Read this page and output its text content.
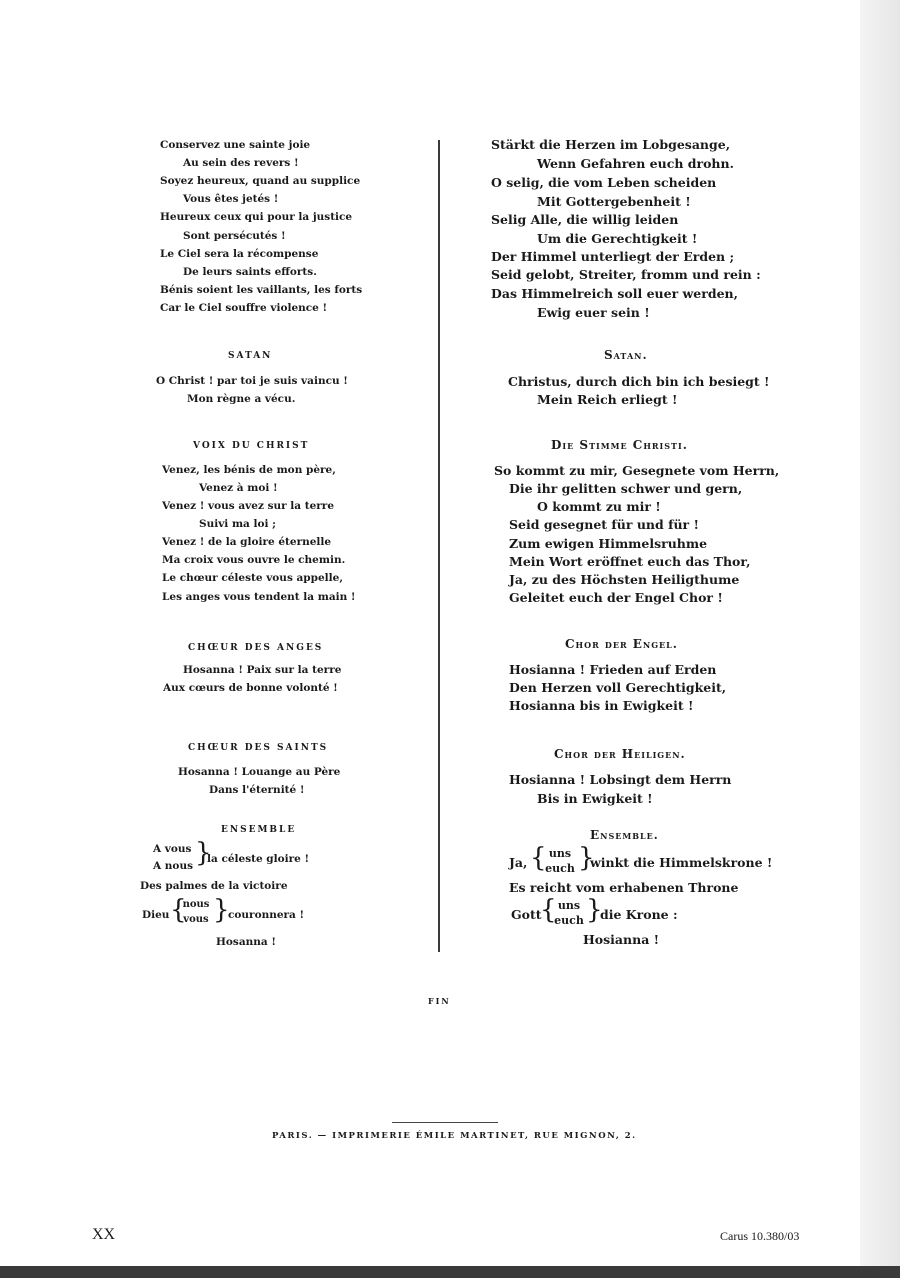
Conservez une sainte joie
Au sein des revers !
Soyez heureux, quand au supplice
Vous êtes jetés !
Heureux ceux qui pour la justice
Sont persécutés !
Le Ciel sera la récompense
De leurs saints efforts.
Bénis soient les vaillants, les forts
Car le Ciel souffre violence !
SATAN
O Christ ! par toi je suis vaincu !
Mon règne a vécu.
VOIX DU CHRIST
Venez, les bénis de mon père,
Venez à moi !
Venez ! vous avez sur la terre
Suivi ma loi ;
Venez ! de la gloire éternelle
Ma croix vous ouvre le chemin.
Le chœur céleste vous appelle,
Les anges vous tendent la main !
CHŒUR DES ANGES
Hosanna ! Paix sur la terre
Aux cœurs de bonne volonté !
CHŒUR DES SAINTS
Hosanna ! Louange au Père
Dans l'éternité !
ENSEMBLE
A vous
A nous }
la céleste gloire !
Des palmes de la victoire
Dieu {
nous
vous }
couronnera !
Hosanna !
Stärkt die Herzen im Lobgesange,
Wenn Gefahren euch drohn.
O selig, die vom Leben scheiden
Mit Gottergebenheit !
Selig Alle, die willig leiden
Um die Gerechtigkeit !
Der Himmel unterliegt der Erden ;
Seid gelobt, Streiter, fromm und rein :
Das Himmelreich soll euer werden,
Ewig euer sein !
Satan.
Christus, durch dich bin ich besiegt !
Mein Reich erliegt !
Die Stimme Christi.
So kommt zu mir, Gesegnete vom Herrn,
Die ihr gelitten schwer und gern,
O kommt zu mir !
Seid gesegnet für und für !
Zum ewigen Himmelsruhme
Mein Wort eröffnet euch das Thor,
Ja, zu des Höchsten Heiligthume
Geleitet euch der Engel Chor !
Chor der Engel.
Hosianna ! Frieden auf Erden
Den Herzen voll Gerechtigkeit,
Hosianna bis in Ewigkeit !
Chor der Heiligen.
Hosianna ! Lobsingt dem Herrn
Bis in Ewigkeit !
Ensemble.
Ja, { uns
euch }
winkt die Himmelskrone !
Es reicht vom erhabenen Throne
Gott
{ uns
euch }
die Krone :
Hosianna !
FIN
PARIS. — IMPRIMERIE ÉMILE MARTINET, RUE MIGNON, 2.
XX	Carus 10.380/03
